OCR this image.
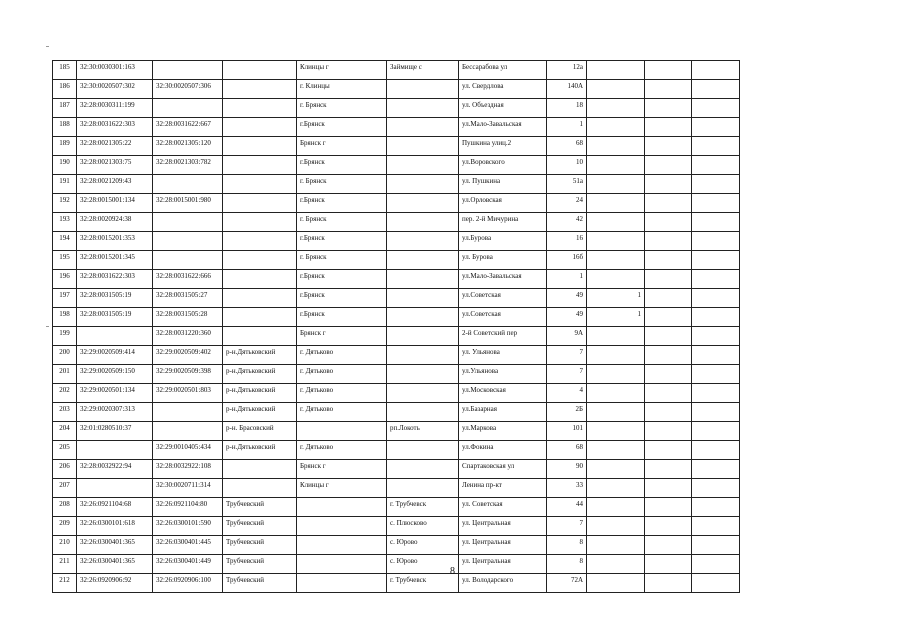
185	32:30:0030301:163			Клинцы г	Займище с	Бессарабова ул	12а			
186	32:30:0020507:302	32:30:0020507:306		г. Клинцы		ул. Свердлова	140А			
187	32:28:0030311:199			г. Брянск		ул. Объездная	18			
188	32:28:0031622:303	32:28:0031622:667		г.Брянск		ул.Мало-Завальская	1			
189	32:28:0021305:22	32:28:0021305:120		Брянск г		Пушкина улиц.2	68			
190	32:28:0021303:75	32:28:0021303:782		г.Брянск		ул.Воровского	10			
191	32:28:0021209:43			г. Брянск		ул. Пушкина	51а			
192	32:28:0015001:134	32:28:0015001:980		г.Брянск		ул.Орловская	24			
193	32:28:0020924:38			г. Брянск		пер. 2-й Мичурина	42			
194	32:28:0015201:353			г.Брянск		ул.Бурова	16			
195	32:28:0015201:345			г. Брянск		ул. Бурова	16б			
196	32:28:0031622:303	32:28:0031622:666		г.Брянск		ул.Мало-Завальская	1			
197	32:28:0031505:19	32:28:0031505:27		г.Брянск		ул.Советская	49	1		
198	32:28:0031505:19	32:28:0031505:28		г.Брянск		ул.Советская	49	1		
199		32:28:0031220:360		Брянск г		2-й Советский пер	9А			
200	32:29:0020509:414	32:29:0020509:402	р-н.Дятьковский	г. Дятьково		ул. Ульянова	7			
201	32:29:0020509:150	32:29:0020509:398	р-н.Дятьковский	г. Дятьково		ул.Ульянова	7			
202	32:29:0020501:134	32:29:0020501:803	р-н.Дятьковский	г. Дятьково		ул.Московская	4			
203	32:29:0020307:313		р-н.Дятьковский	г. Дятьково		ул.Базарная	2Б			
204	32:01:0280510:37		р-н. Брасовский		рп.Локоть	ул.Маркова	101			
205		32:29:0010405:434	р-н.Дятьковский	г. Дятьково		ул.Фокина	68			
206	32:28:0032922:94	32:28:0032922:108		Брянск г		Спартаковская ул	90			
207		32:30:0020711:314		Клинцы г		Ленина пр-кт	33			
208	32:26:0921104:68	32:26:0921104:80	Трубчевский		г. Трубчевск	ул. Советская	44			
209	32:26:0300101:618	32:26:0300101:590	Трубчевский		с. Плюсково	ул. Центральная	7			
210	32:26:0300401:365	32:26:0300401:445	Трубчевский		с. Юрово	ул. Центральная	8			
211	32:26:0300401:365	32:26:0300401:449	Трубчевский		с. Юрово	ул. Центральная	8			
212	32:26:0920906:92	32:26:0920906:100	Трубчевский		г. Трубчевск	ул. Володарского	72А			
8
